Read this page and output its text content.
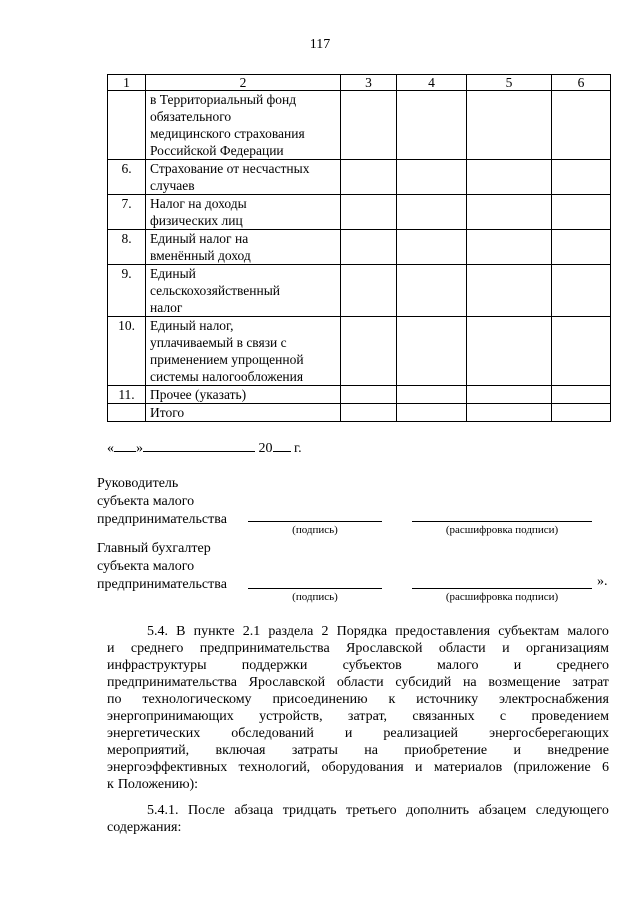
117
1	2	3	4	5	6

	в Территориальный фонд
обязательного
медицинского страхования
Российской Федерации				

6.	Страхование от несчастных
случаев				

7.	Налог на доходы
физических лиц				

8.	Единый налог на
вменённый доход				

9.	Единый
сельскохозяйственный
налог				

10.	Единый налог,
уплачиваемый в связи с
применением упрощенной
системы налогообложения				

11.	Прочее (указать)				

	Итого				

« »	20 г.
Руководитель
субъекта малого
предпринимательства
(подпись)	(расшифровка подписи)
Главный бухгалтер
субъекта малого
предпринимательства	».
(подпись)	(расшифровка подписи)
5.4. В пункте 2.1 раздела 2 Порядка предоставления субъектам малого
и среднего предпринимательства Ярославской области и организациям
инфраструктуры	поддержки	субъектов	малого	и	среднего
предпринимательства Ярославской области субсидий на возмещение затрат
по технологическому присоединению к источнику электроснабжения
энергопринимающих устройств, затрат, связанных с проведением
энергетических обследований и реализацией энергосберегающих
мероприятий, включая затраты на приобретение и внедрение
энергоэффективных технологий, оборудования и материалов (приложение 6
к Положению):
5.4.1. После абзаца тридцать третьего дополнить абзацем следующего
содержания:
